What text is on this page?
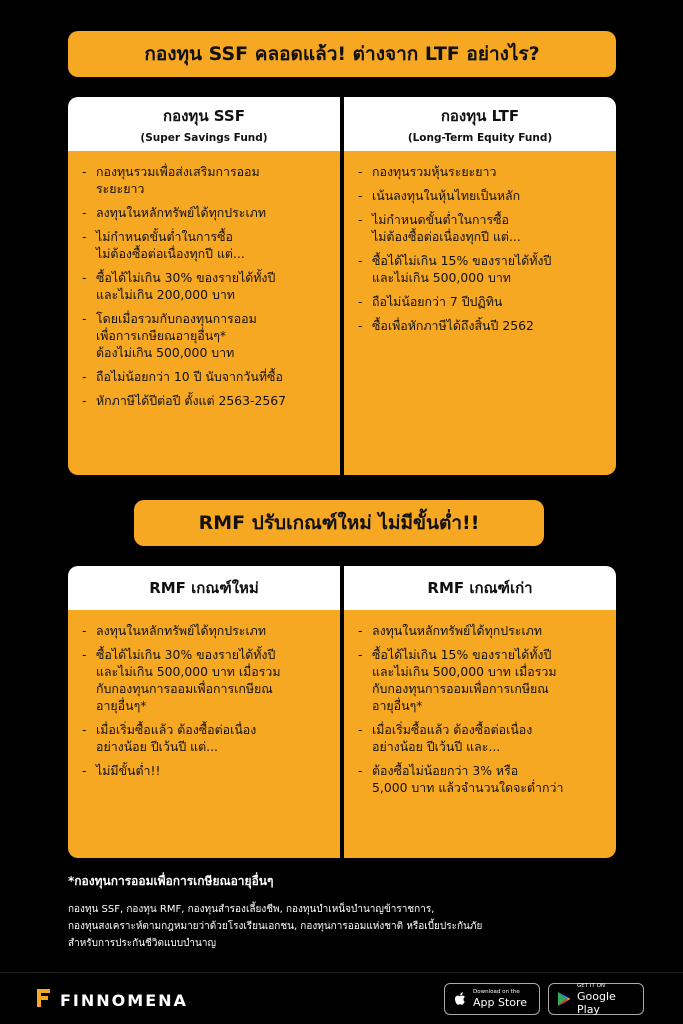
กองทุน SSF คลอดแล้ว! ต่างจาก LTF อย่างไร?
กองทุน SSF
(Super Savings Fund)
- กองทุนรวมเพื่อส่งเสริมการออม
ระยะยาว
- ลงทุนในหลักทรัพย์ได้ทุกประเภท
- ไม่กำหนดขั้นต่ำในการซื้อ
ไม่ต้องซื้อต่อเนื่องทุกปี แต่...
- ซื้อได้ไม่เกิน 30% ของรายได้ทั้งปี
และไม่เกิน 200,000 บาท
- โดยเมื่อรวมกับกองทุนการออม
เพื่อการเกษียณอายุอื่นๆ*
ต้องไม่เกิน 500,000 บาท
- ถือไม่น้อยกว่า 10 ปี นับจากวันที่ซื้อ
- หักภาษีได้ปีต่อปี ตั้งแต่ 2563-2567
กองทุน LTF
(Long-Term Equity Fund)
- กองทุนรวมหุ้นระยะยาว
- เน้นลงทุนในหุ้นไทยเป็นหลัก
- ไม่กำหนดขั้นต่ำในการซื้อ
ไม่ต้องซื้อต่อเนื่องทุกปี แต่...
- ซื้อได้ไม่เกิน 15% ของรายได้ทั้งปี
และไม่เกิน 500,000 บาท
- ถือไม่น้อยกว่า 7 ปีปฏิทิน
- ซื้อเพื่อหักภาษีได้ถึงสิ้นปี 2562
RMF ปรับเกณฑ์ใหม่ ไม่มีขั้นต่ำ!!
RMF เกณฑ์ใหม่
- ลงทุนในหลักทรัพย์ได้ทุกประเภท
- ซื้อได้ไม่เกิน 30% ของรายได้ทั้งปี
และไม่เกิน 500,000 บาท เมื่อรวม
กับกองทุนการออมเพื่อการเกษียณ
อายุอื่นๆ*
- เมื่อเริ่มซื้อแล้ว ต้องซื้อต่อเนื่อง
อย่างน้อย ปีเว้นปี แต่...
- ไม่มีขั้นต่ำ!!
RMF เกณฑ์เก่า
- ลงทุนในหลักทรัพย์ได้ทุกประเภท
- ซื้อได้ไม่เกิน 15% ของรายได้ทั้งปี
และไม่เกิน 500,000 บาท เมื่อรวม
กับกองทุนการออมเพื่อการเกษียณ
อายุอื่นๆ*
- เมื่อเริ่มซื้อแล้ว ต้องซื้อต่อเนื่อง
อย่างน้อย ปีเว้นปี และ...
- ต้องซื้อไม่น้อยกว่า 3% หรือ
5,000 บาท แล้วจำนวนใดจะต่ำกว่า
*กองทุนการออมเพื่อการเกษียณอายุอื่นๆ
กองทุน SSF, กองทุน RMF, กองทุนสำรองเลี้ยงชีพ, กองทุนบำเหน็จบำนาญข้าราชการ,
กองทุนสงเคราะห์ตามกฎหมายว่าด้วยโรงเรียนเอกชน, กองทุนการออมแห่งชาติ หรือเบี้ยประกันภัย
สำหรับการประกันชีวิตแบบบำนาญ
FINNOMENA	Download on the
App Store
GET IT ON
Google Play
